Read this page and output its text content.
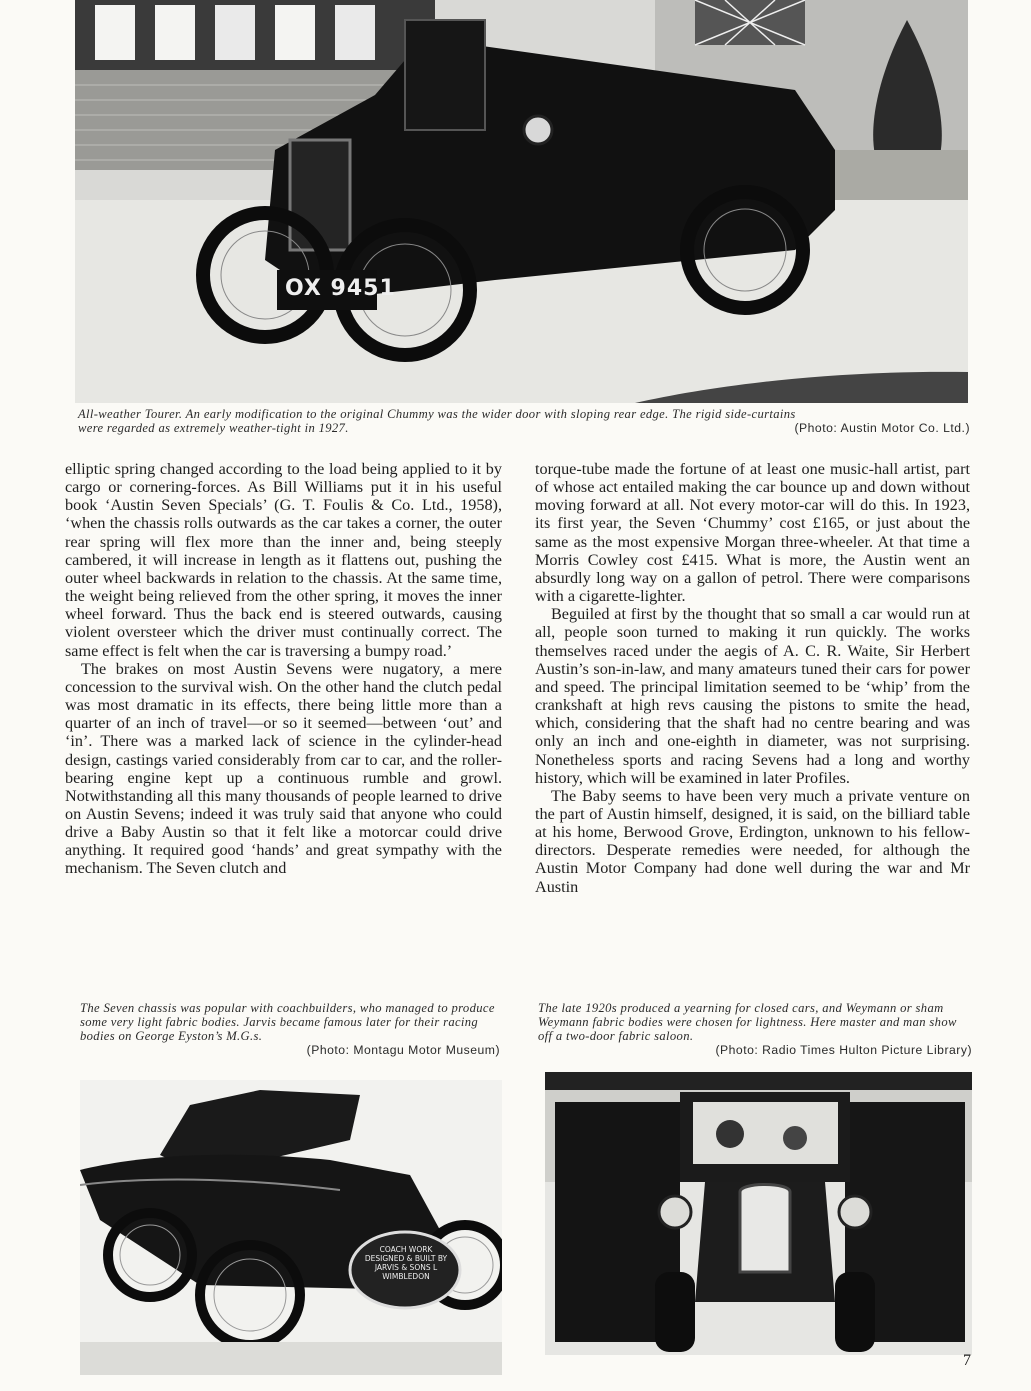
OX 9451
All-weather Tourer. An early modification to the original Chummy was the wider door with sloping rear edge. The rigid side-curtains
were regarded as extremely weather-tight in 1927.	(Photo: Austin Motor Co. Ltd.)

elliptic spring changed according to the load being applied to it by cargo or cornering-forces. As Bill Williams put it in his useful book ‘Austin Seven Specials’ (G. T. Foulis & Co. Ltd., 1958), ‘when the chassis rolls outwards as the car takes a corner, the outer rear spring will flex more than the inner and, being steeply cambered, it will increase in length as it flattens out, pushing the outer wheel backwards in relation to the chassis. At the same time, the weight being relieved from the other spring, it moves the inner wheel forward. Thus the back end is steered outwards, causing violent oversteer which the driver must continually correct. The same effect is felt when the car is traversing a bumpy road.’

The brakes on most Austin Sevens were nugatory, a mere concession to the survival wish. On the other hand the clutch pedal was most dramatic in its effects, there being little more than a quarter of an inch of travel—or so it seemed—between ‘out’ and ‘in’. There was a marked lack of science in the cylinder-head design, castings varied considerably from car to car, and the roller-bearing engine kept up a continuous rumble and growl. Notwithstanding all this many thousands of people learned to drive on Austin Sevens; indeed it was truly said that anyone who could drive a Baby Austin so that it felt like a motorcar could drive anything. It required good ‘hands’ and great sympathy with the mechanism. The Seven clutch and

torque-tube made the fortune of at least one music-hall artist, part of whose act entailed making the car bounce up and down without moving forward at all. Not every motor-car will do this. In 1923, its first year, the Seven ‘Chummy’ cost £165, or just about the same as the most expensive Morgan three-wheeler. At that time a Morris Cowley cost £415. What is more, the Austin went an absurdly long way on a gallon of petrol. There were comparisons with a cigarette-lighter.

Beguiled at first by the thought that so small a car would run at all, people soon turned to making it run quickly. The works themselves raced under the aegis of A. C. R. Waite, Sir Herbert Austin’s son-in-law, and many amateurs tuned their cars for power and speed. The principal limitation seemed to be ‘whip’ from the crankshaft at high revs causing the pistons to smite the head, which, considering that the shaft had no centre bearing and was only an inch and one-eighth in diameter, was not surprising. Nonetheless sports and racing Sevens had a long and worthy history, which will be examined in later Profiles.

The Baby seems to have been very much a private venture on the part of Austin himself, designed, it is said, on the billiard table at his home, Berwood Grove, Erdington, unknown to his fellow-directors. Desperate remedies were needed, for although the Austin Motor Company had done well during the war and Mr Austin

The Seven chassis was popular with coachbuilders, who managed to produce some very light fabric bodies. Jarvis became famous later for their racing bodies on George Eyston’s M.G.s.
(Photo: Montagu Motor Museum)
The late 1920s produced a yearning for closed cars, and Weymann or sham Weymann fabric bodies were chosen for lightness. Here master and man show off a two-door fabric saloon.
(Photo: Radio Times Hulton Picture Library)
COACH WORK DESIGNED & BUILT BY JARVIS & SONS L WIMBLEDON
7
